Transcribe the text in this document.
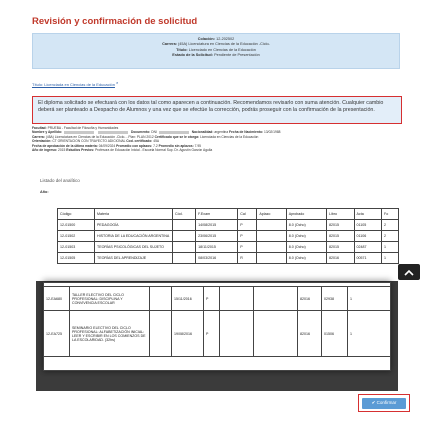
Revisión y confirmación de solicitud
Colación: 12-202502
Carrera: (45A) Licenciatura en Ciencias de la Educación -Ciclo-
Título: Licenciado en Ciencias de la Educación
Estado de la Solicitud: Pendiente de Presentación
Título: Licenciada en Ciencias de la Educación *
El diploma solicitado se efectuará con los datos tal como aparecen a continuación. Recomendamos revisarlo con suma atención. Cualquier cambio deberá ser planteado a Despacho de Alumnos y una vez que se efectúe la corrección, podrás proseguir con la confirmación de la presentación.
Facultad: PRUEBA - Facultad de Filosofía y Humanidades
Nombre y Apellido:	Documento: DNI	Nacionalidad: argentina Fecha de Nacimiento: 13/02/1988
Carrera: (45A) Licenciatura en Ciencias de la Educación -Ciclo- - Plan: PLAN 2012 Certificado que se le otorga: Licenciada en Ciencias de la Educación
Orientación: CT ORIENTACION CON TRAYECTO ADICIONAL Cod. certificado: 45A
Fecha de aprobación de la última materia: 04/09/2024 Promedio con aplazos: 7.2 Promedio sin aplazos: 7.95
Año de ingreso: 2015 Estudios Previos: Profesora de Educación Inicial - Escuela Normal Sup. Dr. Agustín Garzón Agulla
Listado del analítico
Año:
Código	Materia	Cód.	F.Exam	Cal	Aplazo	Aprobado	Libro	Acta	Fo
12-01500	PEDAGOGÍA		14/08/2015	P		8.0 (Ocho)	82015	01105	2
12-01502	HISTORIA DE LA EDUCACIÓN ARGENTINA		23/06/2015	P		8.0 (Ocho)	82015	01106	2
12-01503	TEORÍAS PSICOLÓGICAS DEL SUJETO		18/11/2015	P		8.0 (Ocho)	82015	02487	1
12-01505	TEORÍAS DEL APRENDIZAJE		08/03/2016	R		8.0 (Ocho)	82016	00571	1

12-EA680	TALLER ELECTIVO DEL CICLO PROFESIONAL: DISCIPLINA Y CONVIVENCIA ESCOLAR		15/11/2016	P			82016	02938	1
12-EA725	SEMINARIO ELECTIVO DEL CICLO PROFESIONAL: ALFABETIZACIÓN INICIAL: LEER Y ESCRIBIR EN LOS COMIENZOS DE LA ESCOLARIDAD. (32hs)		19/08/2016	P			82016	01506	1

✔ Confirmar
